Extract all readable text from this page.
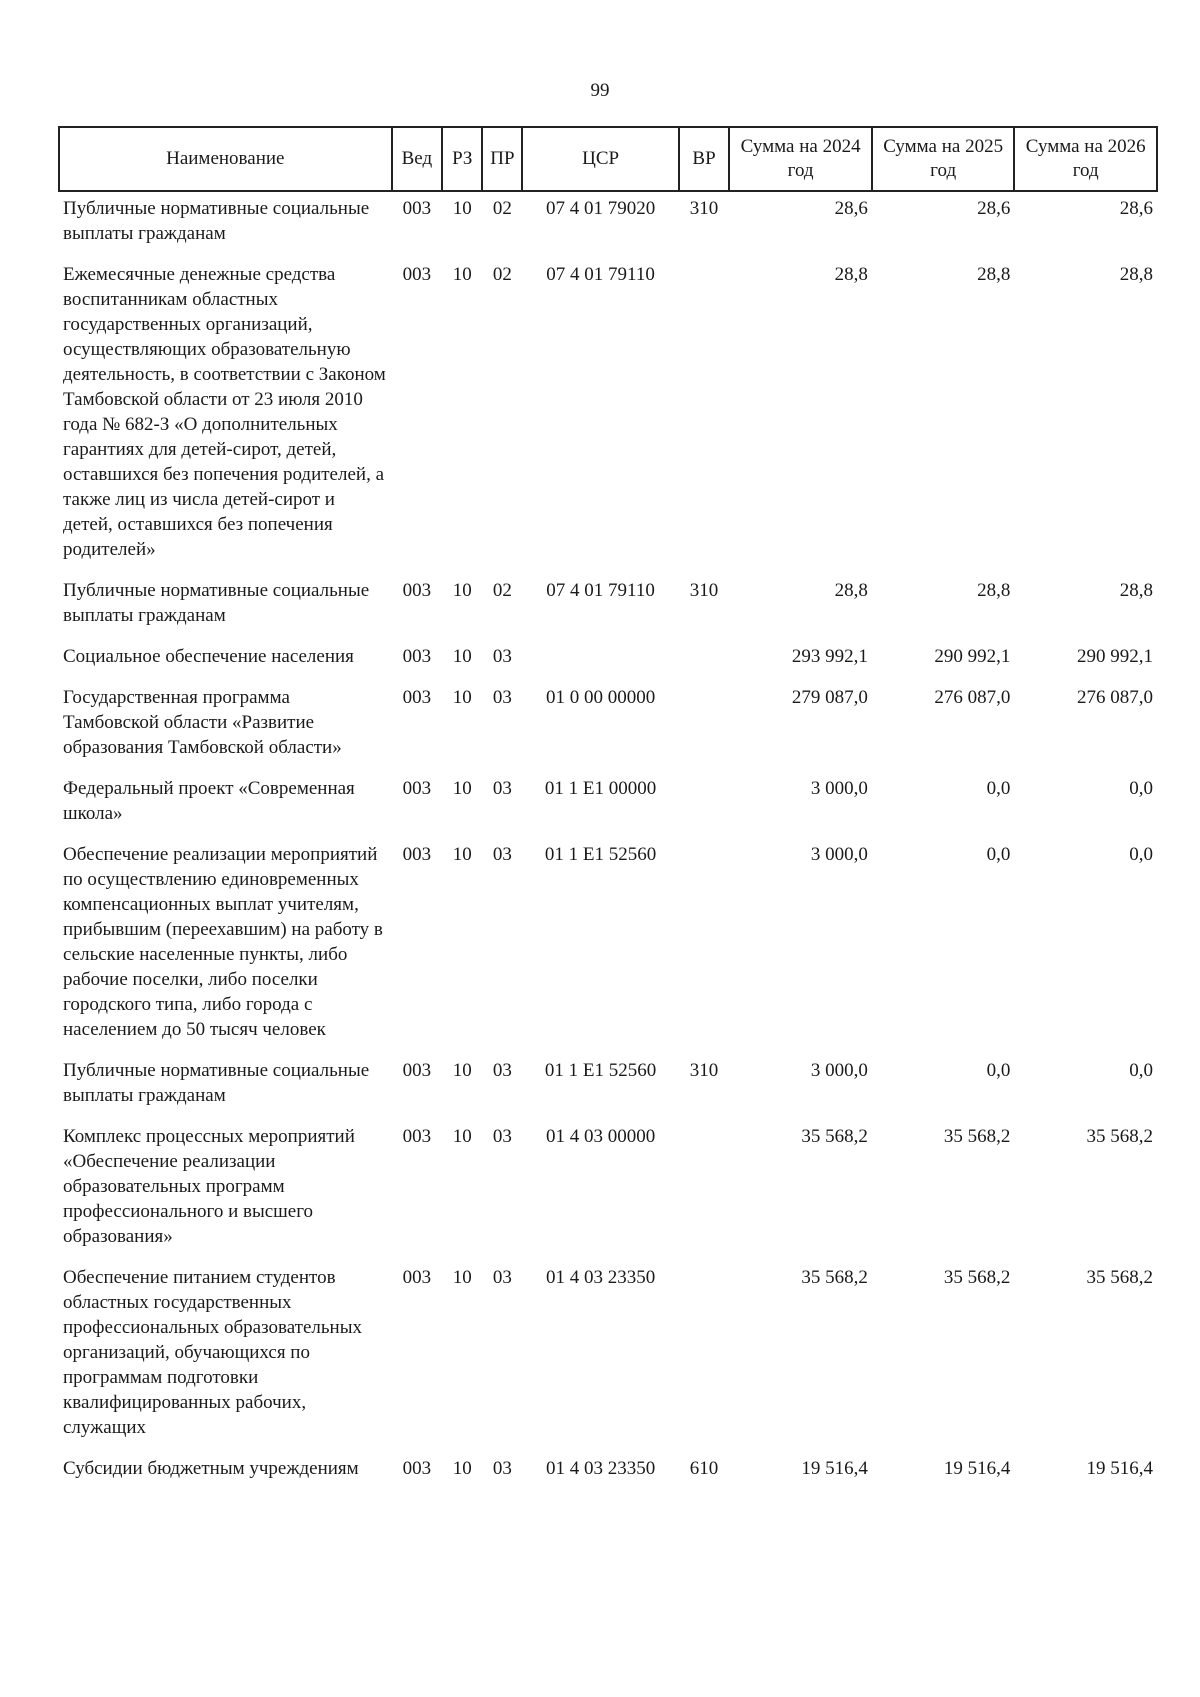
99
Наименование	Вед	РЗ	ПР	ЦСР	ВР	Сумма на 2024 год	Сумма на 2025 год	Сумма на 2026 год
Публичные нормативные социальные выплаты гражданам	003	10	02	07 4 01 79020	310	28,6	28,6	28,6
Ежемесячные денежные средства воспитанникам областных государственных организаций, осуществляющих образовательную деятельность, в соответствии с Законом Тамбовской области от 23 июля 2010 года № 682-З «О дополнительных гарантиях для детей-сирот, детей, оставшихся без попечения родителей, а также лиц из числа детей-сирот и детей, оставшихся без попечения родителей»	003	10	02	07 4 01 79110		28,8	28,8	28,8
Публичные нормативные социальные выплаты гражданам	003	10	02	07 4 01 79110	310	28,8	28,8	28,8
Социальное обеспечение населения	003	10	03			293 992,1	290 992,1	290 992,1
Государственная программа Тамбовской области «Развитие образования Тамбовской области»	003	10	03	01 0 00 00000		279 087,0	276 087,0	276 087,0
Федеральный проект «Современная школа»	003	10	03	01 1 E1 00000		3 000,0	0,0	0,0
Обеспечение реализации мероприятий по осуществлению единовременных компенсационных выплат учителям, прибывшим (переехавшим) на работу в сельские населенные пункты, либо рабочие поселки, либо поселки городского типа, либо города с населением до 50 тысяч человек	003	10	03	01 1 E1 52560		3 000,0	0,0	0,0
Публичные нормативные социальные выплаты гражданам	003	10	03	01 1 E1 52560	310	3 000,0	0,0	0,0
Комплекс процессных мероприятий «Обеспечение реализации образовательных программ профессионального и высшего образования»	003	10	03	01 4 03 00000		35 568,2	35 568,2	35 568,2
Обеспечение питанием студентов областных государственных профессиональных образовательных организаций, обучающихся по программам подготовки квалифицированных рабочих, служащих	003	10	03	01 4 03 23350		35 568,2	35 568,2	35 568,2
Субсидии бюджетным учреждениям	003	10	03	01 4 03 23350	610	19 516,4	19 516,4	19 516,4
